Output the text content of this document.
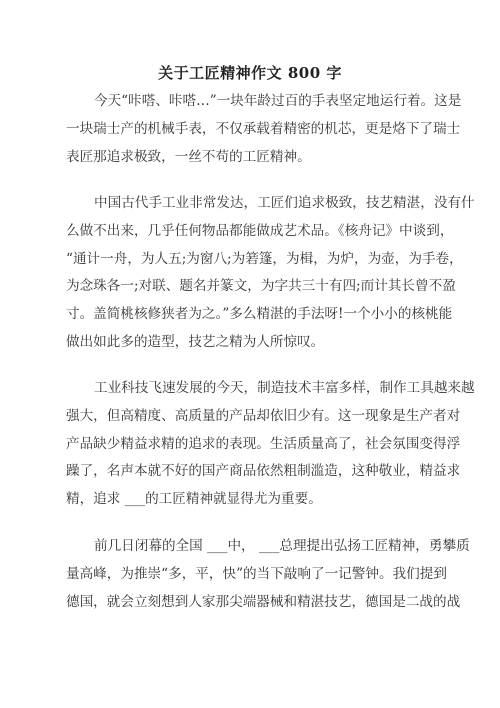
关于工匠精神作文 800 字
今天“咔嗒、咔嗒…”一块年龄过百的手表坚定地运行着。这是
一块瑞士产的机械手表，不仅承载着精密的机芯，更是烙下了瑞士
表匠那追求极致，一丝不苟的工匠精神。
中国古代手工业非常发达，工匠们追求极致，技艺精湛，没有什
么做不出来，几乎任何物品都能做成艺术品。《核舟记》中谈到，
“通计一舟，为人五;为窗八;为箬篷，为楫，为炉，为壶，为手卷，
为念珠各一;对联、题名并篆文，为字共三十有四;而计其长曾不盈
寸。盖简桃核修狭者为之。”多么精湛的手法呀!一个小小的核桃能
做出如此多的造型，技艺之精为人所惊叹。
工业科技飞速发展的今天，制造技术丰富多样，制作工具越来越
强大，但高精度、高质量的产品却依旧少有。这一现象是生产者对
产品缺少精益求精的追求的表现。生活质量高了，社会氛围变得浮
躁了，名声本就不好的国产商品依然粗制滥造，这种敬业，精益求
精，追求 ___的工匠精神就显得尤为重要。
前几日闭幕的全国 ___中， ___总理提出弘扬工匠精神，勇攀质
量高峰，为推崇“多，平，快”的当下敲响了一记警钟。我们提到
德国，就会立刻想到人家那尖端器械和精湛技艺，德国是二战的战
